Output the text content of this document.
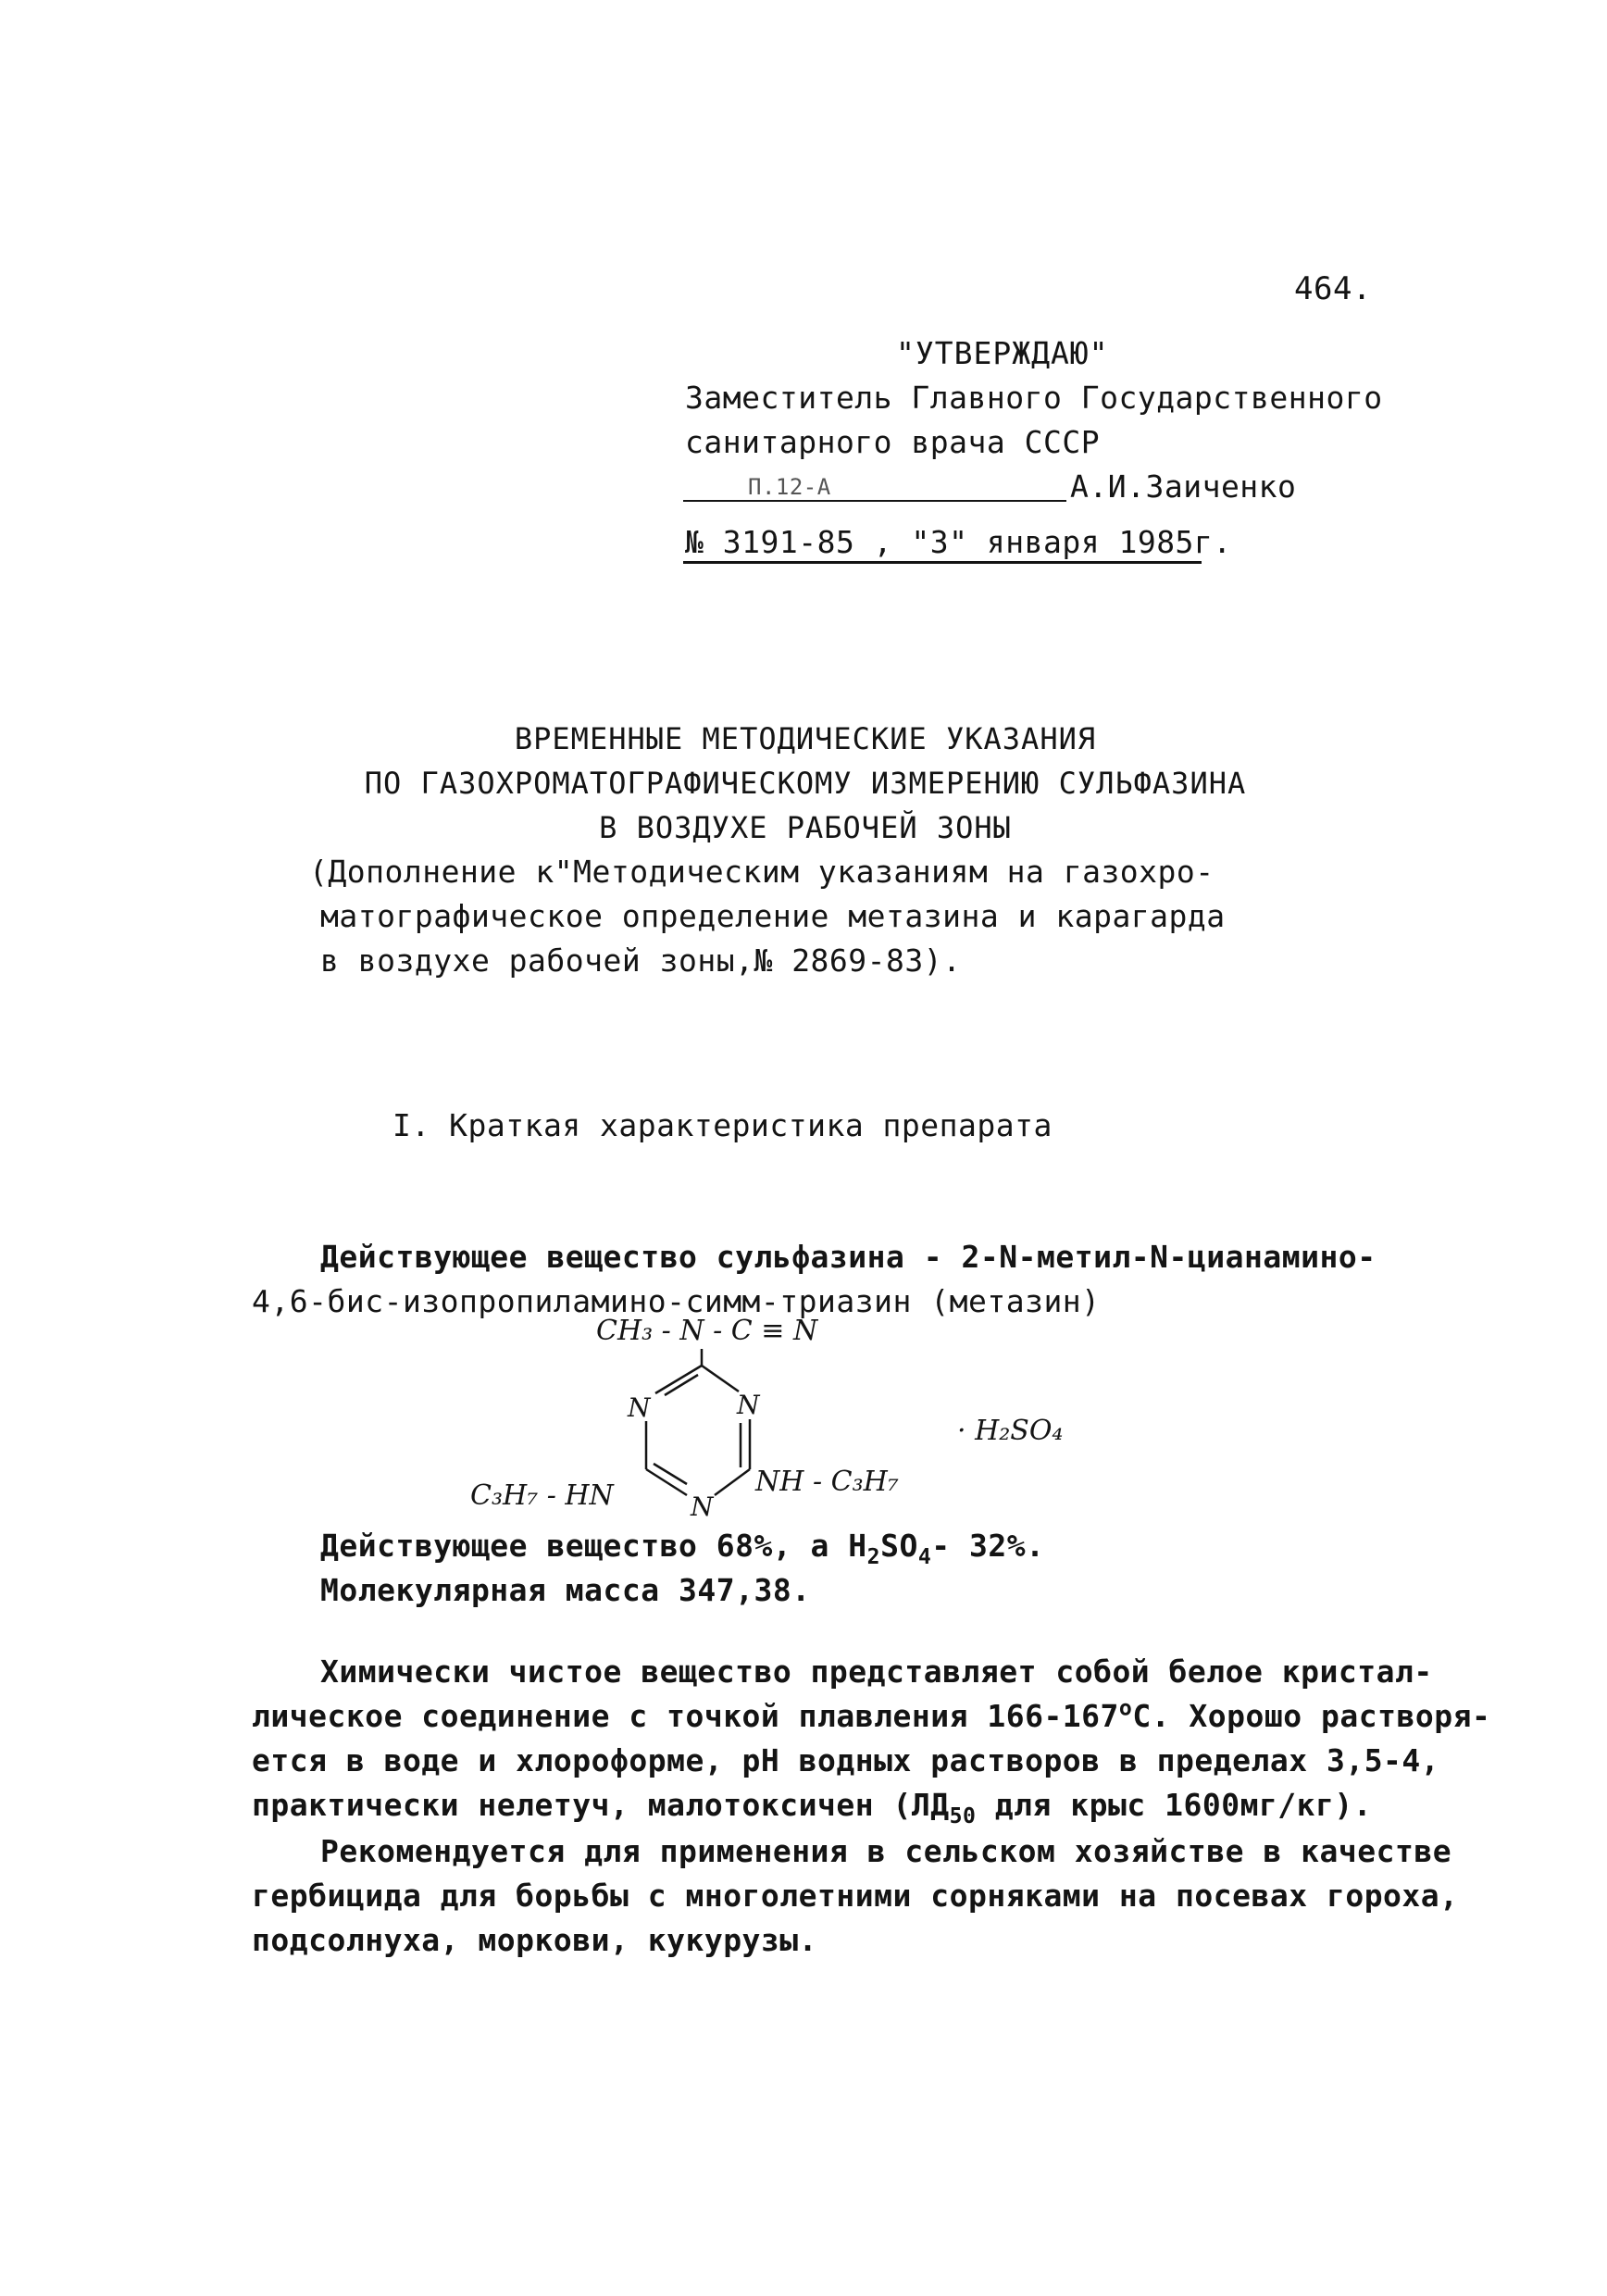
464.
"УТВЕРЖДАЮ"
Заместитель Главного Государственного
санитарного врача СССР
П.12-А	А.И.Заиченко
№ 3191-85 , "3" января 1985г.
ВРЕМЕННЫЕ МЕТОДИЧЕСКИЕ УКАЗАНИЯ
ПО ГАЗОХРОМАТОГРАФИЧЕСКОМУ ИЗМЕРЕНИЮ СУЛЬФАЗИНА
В ВОЗДУХЕ РАБОЧЕЙ ЗОНЫ
(Дополнение к"Методическим указаниям на газохро-
матографическое определение метазина и карагарда
в воздухе рабочей зоны,№ 2869-83).
I. Краткая характеристика препарата
Действующее вещество сульфазина - 2-N-метил-N-цианамино-
4,6-бис-изопропиламино-симм-триазин (метазин)
CH₃ - N - C ≡ N
N	N
N
C₃H₇ - HN	NH - C₃H₇
· H₂SO₄
Действующее вещество 68%, а $H_2SO_4-$ 32%.
Молекулярная масса 347,38.
Химически чистое вещество представляет собой белое кристал-
лическое соединение с точкой плавления $166-167^оС$. Хорошо растворя-
ется в воде и хлороформе, pH водных растворов в пределах 3,5-4,
практически нелетуч, малотоксичен ($ЛД_{50}$ для крыс 1600мг/кг).
Рекомендуется для применения в сельском хозяйстве в качестве
гербицида для борьбы с многолетними сорняками на посевах гороха,
подсолнуха, моркови, кукурузы.
